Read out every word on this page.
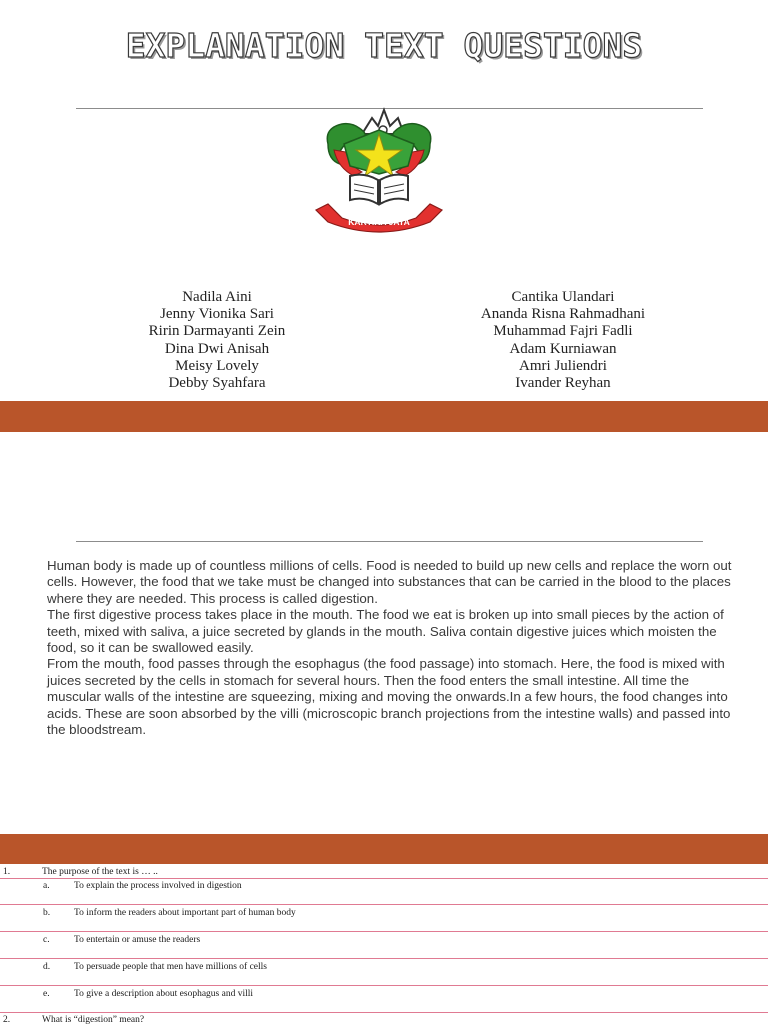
EXPLANATION TEXT QUESTIONS
KARTIKA JAYA
Nadila Aini
Jenny Vionika Sari
Ririn Darmayanti Zein
Dina Dwi Anisah
Meisy Lovely
Debby Syahfara
Cantika Ulandari
Ananda Risna Rahmadhani
Muhammad Fajri Fadli
Adam Kurniawan
Amri Juliendri
Ivander Reyhan

Human body is made up of countless millions of cells. Food is needed to build up new cells and replace the worn out cells. However, the food that we take must be changed into substances that can be carried in the blood to the places where they are needed. This process is called digestion.

The first digestive process takes place in the mouth. The food we eat is broken up into small pieces by the action of teeth, mixed with saliva, a juice secreted by glands in the mouth. Saliva contain digestive juices which moisten the food, so it can be swallowed easily.

From the mouth, food passes through the esophagus (the food passage) into stomach. Here, the food is mixed with juices secreted by the cells in stomach for several hours. Then the food enters the small intestine. All time the muscular walls of the intestine are squeezing, mixing and moving the onwards.In a few hours, the food changes into acids. These are soon absorbed by the villi (microscopic branch projections from the intestine walls) and passed into the bloodstream.

1.	The purpose of the text is … ..
a.	To explain the process involved in digestion
b.	To inform the readers about important part of human body
c.	To entertain or amuse the readers
d.	To persuade people that men have millions of cells
e.	To give a description about esophagus and villi
2.	What is “digestion” mean?
